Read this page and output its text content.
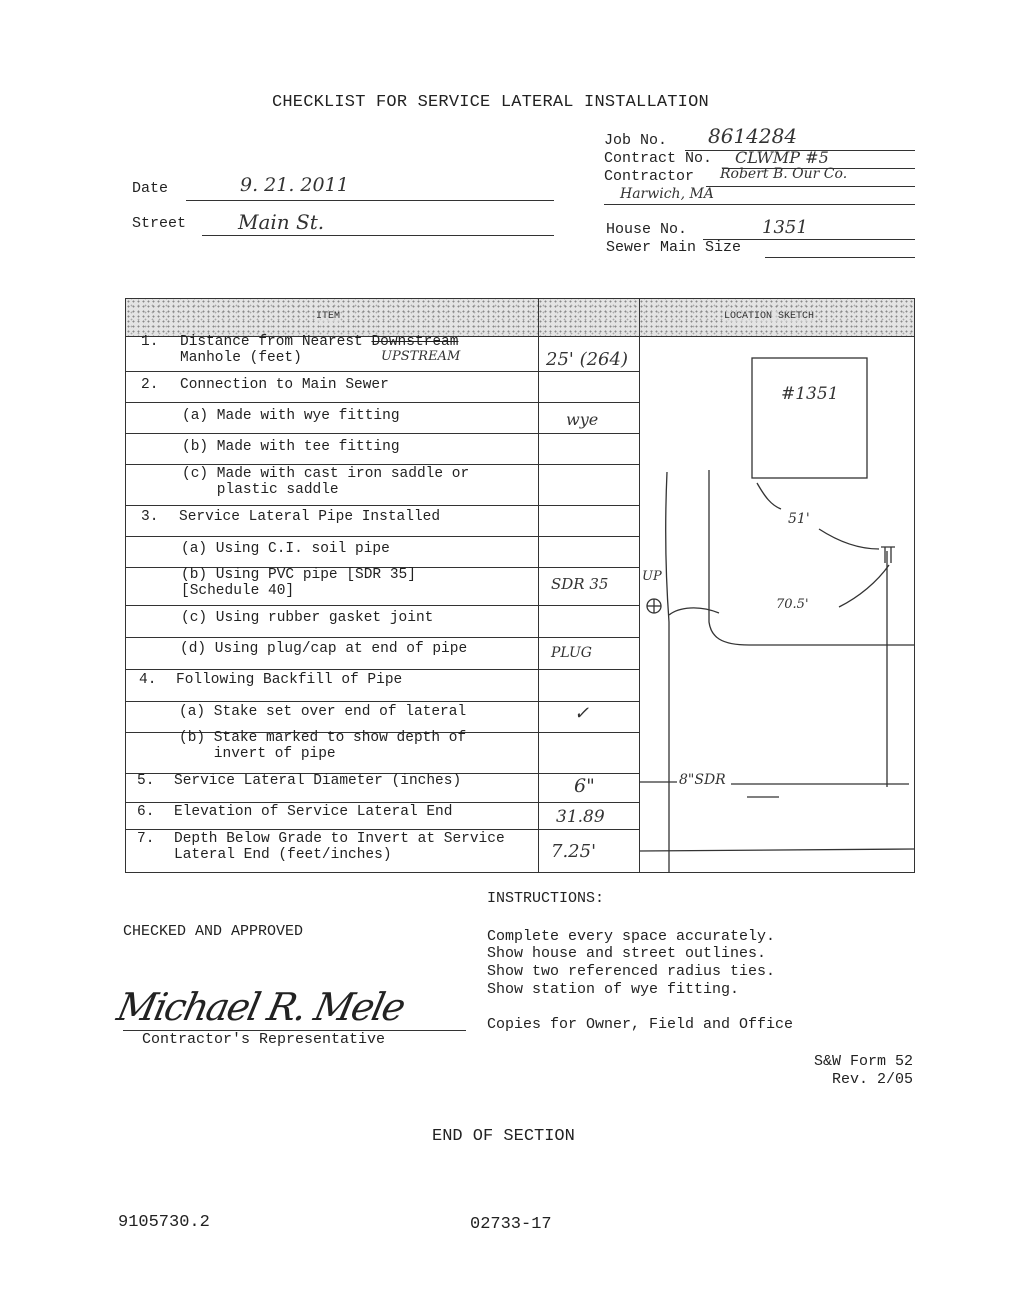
CHECKLIST FOR SERVICE LATERAL INSTALLATION
Date	9. 21. 2011
Street	Main St.
Job No. 8614284
Contract No. CLWMP #5
Contractor Robert B. Our Co.
Harwich, MA
House No.	1351
Sewer Main Size
ITEM	LOCATION SKETCH
1. Distance from Nearest Downstream
Manhole (feet)	UPSTREAM	25' (264)
2. Connection to Main Sewer
(a) Made with wye fitting	wye
(b) Made with tee fitting
(c) Made with cast iron saddle or
plastic saddle
3. Service Lateral Pipe Installed
(a) Using C.I. soil pipe
(b) Using PVC pipe [SDR 35]
[Schedule 40]	SDR 35
(c) Using rubber gasket joint
(d) Using plug/cap at end of pipe	PLUG
4. Following Backfill of Pipe
(a) Stake set over end of lateral	✓
(b) Stake marked to show depth of
invert of pipe
5. Service Lateral Diameter (inches)	6"
6. Elevation of Service Lateral End	31.89
7. Depth Below Grade to Invert at Service
Lateral End (feet/inches)	7.25'
#1351
51'
70.5'
UP
8"SDR
INSTRUCTIONS:
Complete every space accurately.
Show house and street outlines.
Show two referenced radius ties.
Show station of wye fitting.
Copies for Owner, Field and Office
CHECKED AND APPROVED
Michael R. Mele
Contractor's Representative
S&W Form 52
Rev. 2/05
END OF SECTION
9105730.2	02733-17
